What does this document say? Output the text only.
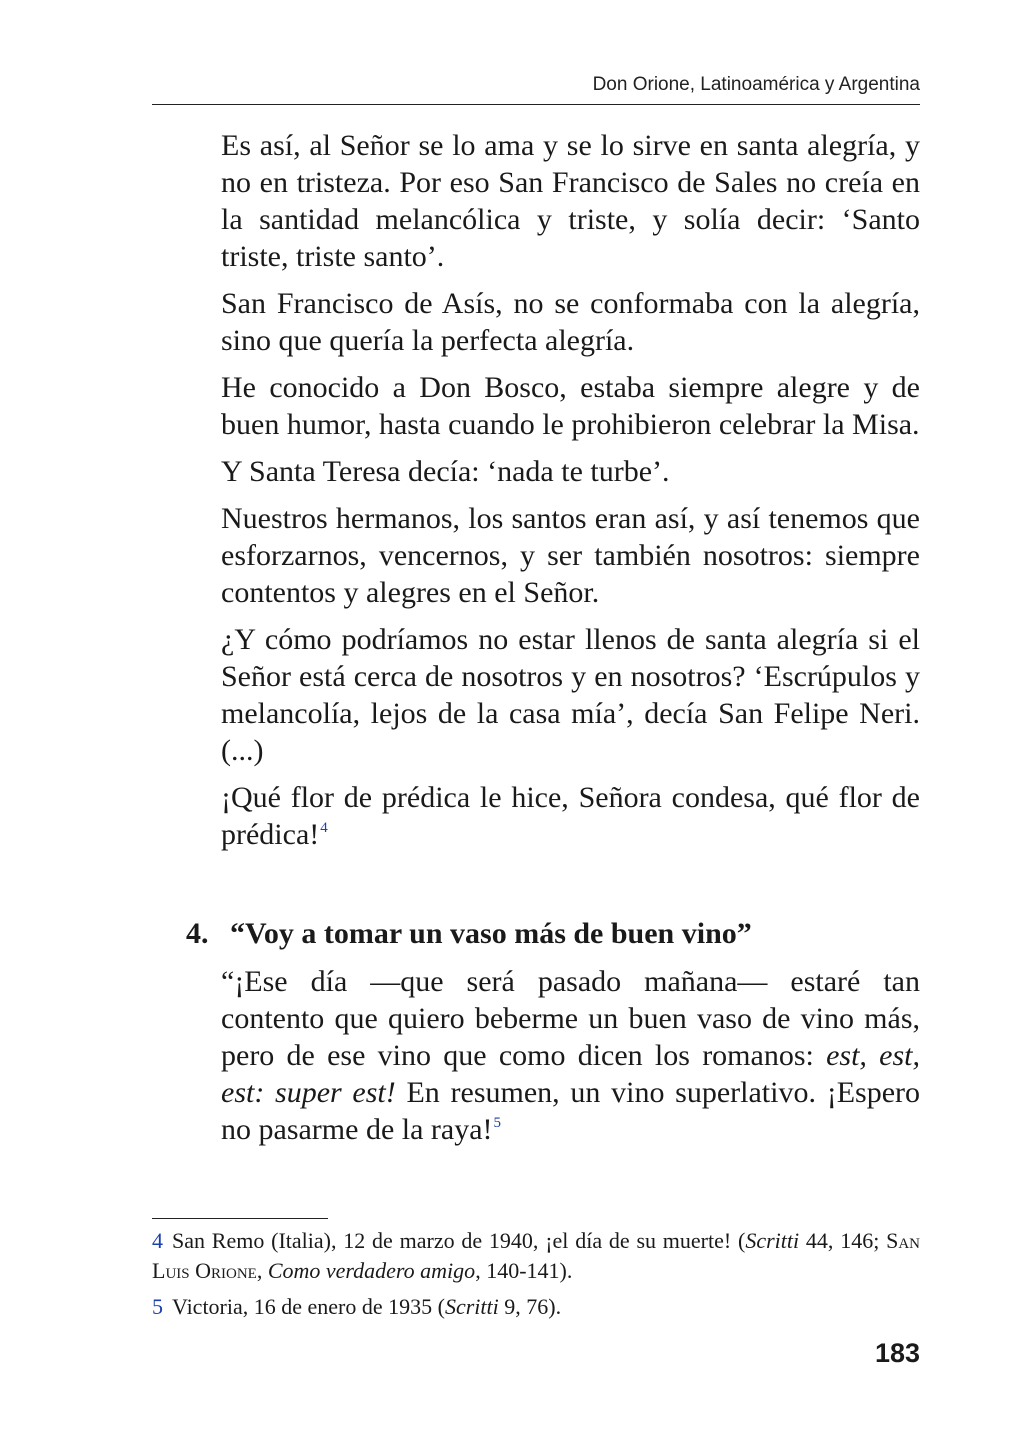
Don Orione, Latinoamérica y Argentina

Es así, al Señor se lo ama y se lo sirve en santa alegría, y no en tristeza. Por eso San Francisco de Sales no creía en la santidad melancólica y triste, y solía decir: ‘Santo triste, triste santo’.

San Francisco de Asís, no se conformaba con la alegría, sino que quería la perfecta alegría.

He conocido a Don Bosco, estaba siempre alegre y de buen humor, hasta cuando le prohibieron celebrar la Misa.

Y Santa Teresa decía: ‘nada te turbe’.

Nuestros hermanos, los santos eran así, y así tenemos que esforzarnos, vencernos, y ser también nosotros: siempre contentos y alegres en el Señor.

¿Y cómo podríamos no estar llenos de santa alegría si el Señor está cerca de nosotros y en nosotros? ‘Escrúpulos y melancolía, lejos de la casa mía’, decía San Felipe Neri. (...)

¡Qué flor de prédica le hice, Señora condesa, qué flor de prédica!$^4$

4. “Voy a tomar un vaso más de buen vino”

“¡Ese día —que será pasado mañana— estaré tan contento que quiero beberme un buen vaso de vino más, pero de ese vino que como dicen los romanos: est, est, est: super est! En resumen, un vino superlativo. ¡Espero no pasarme de la raya!$^5$

4 San Remo (Italia), 12 de marzo de 1940, ¡el día de su muerte! (Scritti 44, 146; San Luis Orione, Como verdadero amigo, 140-141).

5 Victoria, 16 de enero de 1935 (Scritti 9, 76).

183
